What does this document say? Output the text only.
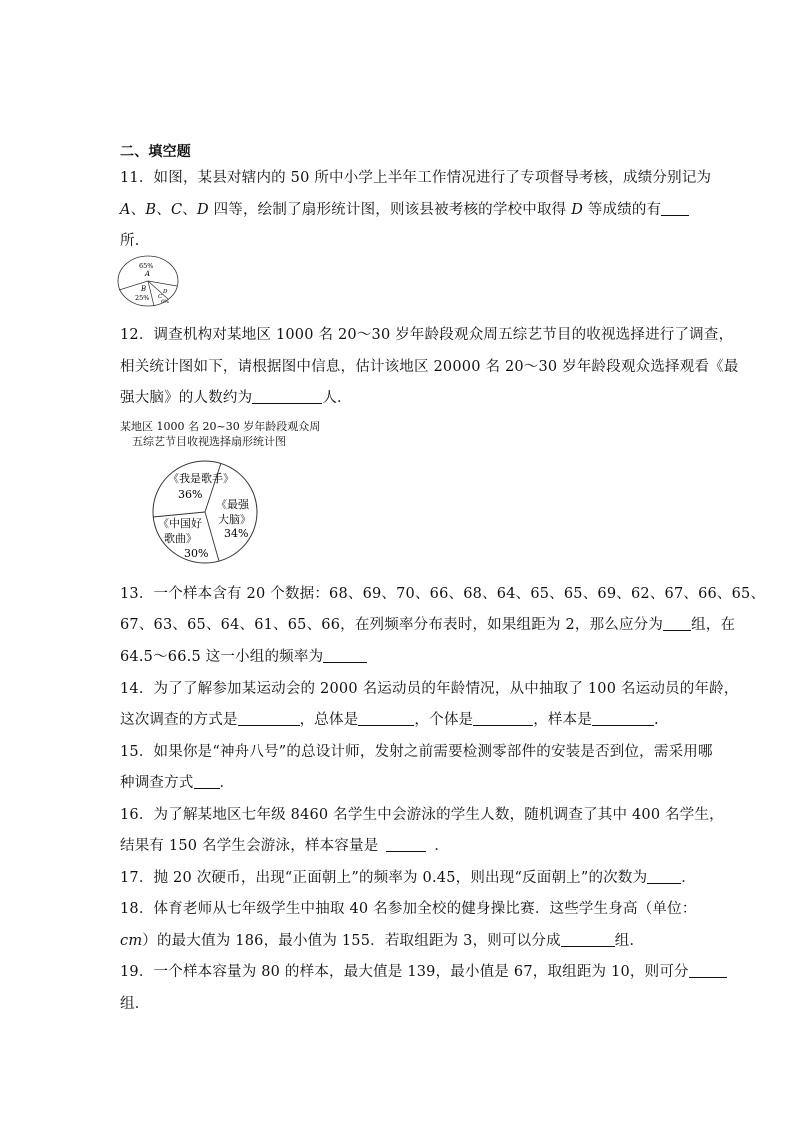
二、填空题
11．如图，某县对辖内的 50 所中小学上半年工作情况进行了专项督导考核，成绩分别记为
A、B、C、D 四等，绘制了扇形统计图，则该县被考核的学校中取得 D 等成绩的有
所．
65%
A
B
25% C
D
6%
12．调查机构对某地区 1000 名 20～30 岁年龄段观众周五综艺节目的收视选择进行了调查，
相关统计图如下，请根据图中信息，估计该地区 20000 名 20～30 岁年龄段观众选择观看《最
强大脑》的人数约为	人．
某地区 1000 名 20~30 岁年龄段观众周
五综艺节目收视选择扇形统计图
《我是歌手》
36%
《最强
大脑》
34%
《中国好
歌曲》
30%
13．一个样本含有 20 个数据：68、69、70、66、68、64、65、65、69、62、67、66、65、
67、63、65、64、61、65、66，在列频率分布表时，如果组距为 2，那么应分为 组，在
64.5～66.5 这一小组的频率为
14．为了了解参加某运动会的 2000 名运动员的年龄情况，从中抽取了 100 名运动员的年龄，
这次调查的方式是	，总体是	，个体是	，样本是	.
15．如果你是“神舟八号”的总设计师，发射之前需要检测零部件的安装是否到位，需采用哪
种调查方式 ．
16．为了解某地区七年级 8460 名学生中会游泳的学生人数，随机调查了其中 400 名学生，
结果有 150 名学生会游泳，样本容量是	．
17．抛 20 次硬币，出现“正面朝上”的频率为 0.45，则出现“反面朝上”的次数为 ．
18．体育老师从七年级学生中抽取 40 名参加全校的健身操比赛．这些学生身高（单位：
cm）的最大值为 186，最小值为 155．若取组距为 3，则可以分成	组．
19．一个样本容量为 80 的样本，最大值是 139，最小值是 67，取组距为 10，则可分
组．
